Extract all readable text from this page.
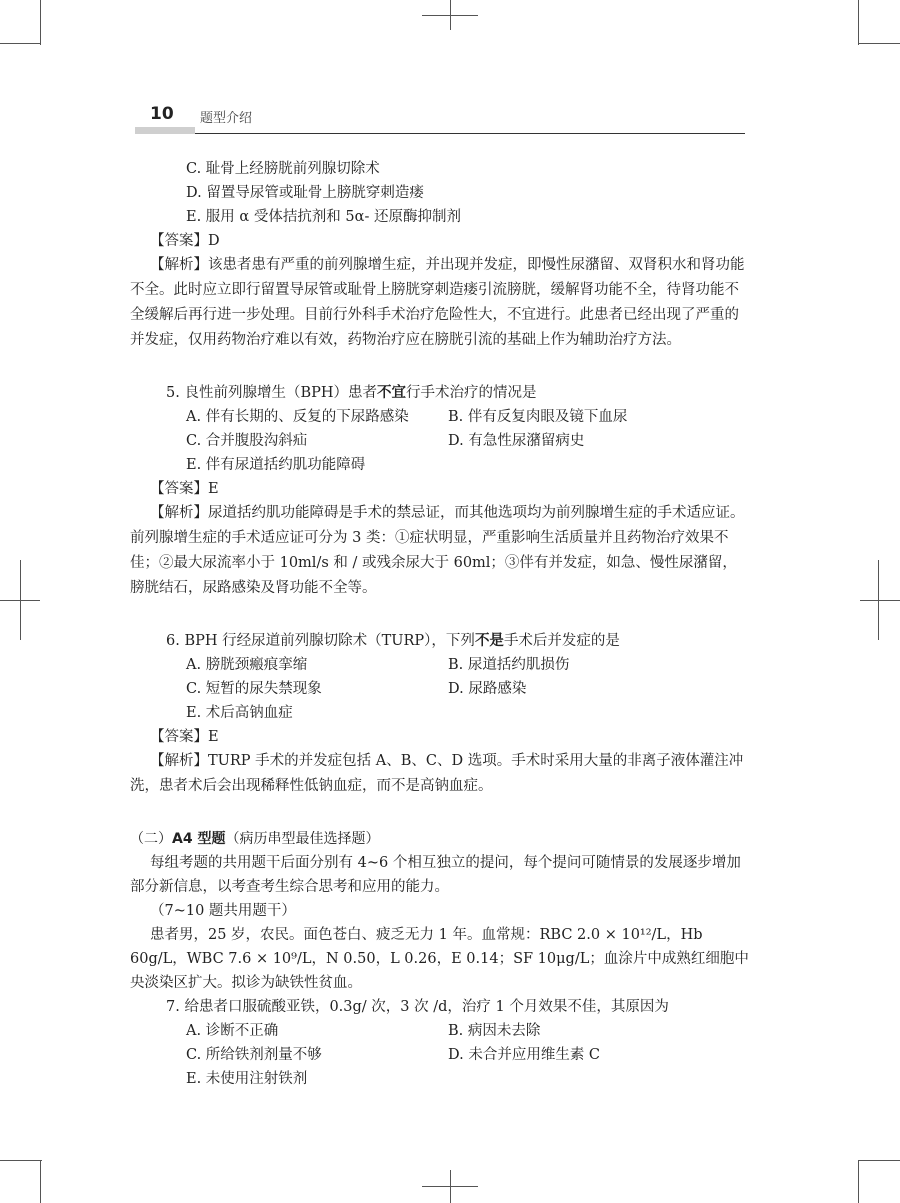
10 题型介绍
C. 耻骨上经膀胱前列腺切除术
D. 留置导尿管或耻骨上膀胱穿刺造瘘
E. 服用 α 受体拮抗剂和 5α- 还原酶抑制剂
【答案】D
【解析】该患者患有严重的前列腺增生症，并出现并发症，即慢性尿潴留、双肾积水和肾功能不全。此时应立即行留置导尿管或耻骨上膀胱穿刺造瘘引流膀胱，缓解肾功能不全，待肾功能不全缓解后再行进一步处理。目前行外科手术治疗危险性大，不宜进行。此患者已经出现了严重的并发症，仅用药物治疗难以有效，药物治疗应在膀胱引流的基础上作为辅助治疗方法。
5. 良性前列腺增生（BPH）患者不宜行手术治疗的情况是
A. 伴有长期的、反复的下尿路感染	B. 伴有反复肉眼及镜下血尿
C. 合并腹股沟斜疝	D. 有急性尿潴留病史
E. 伴有尿道括约肌功能障碍
【答案】E
【解析】尿道括约肌功能障碍是手术的禁忌证，而其他选项均为前列腺增生症的手术适应证。前列腺增生症的手术适应证可分为 3 类：①症状明显，严重影响生活质量并且药物治疗效果不佳；②最大尿流率小于 10ml/s 和 / 或残余尿大于 60ml；③伴有并发症，如急、慢性尿潴留，膀胱结石，尿路感染及肾功能不全等。
6. BPH 行经尿道前列腺切除术（TURP），下列不是手术后并发症的是
A. 膀胱颈瘢痕挛缩	B. 尿道括约肌损伤
C. 短暂的尿失禁现象	D. 尿路感染
E. 术后高钠血症
【答案】E
【解析】TURP 手术的并发症包括 A、B、C、D 选项。手术时采用大量的非离子液体灌注冲洗，患者术后会出现稀释性低钠血症，而不是高钠血症。
（二）A4 型题（病历串型最佳选择题）
每组考题的共用题干后面分别有 4~6 个相互独立的提问，每个提问可随情景的发展逐步增加部分新信息，以考查考生综合思考和应用的能力。
（7~10 题共用题干）
患者男，25 岁，农民。面色苍白、疲乏无力 1 年。血常规：RBC 2.0 × 10¹²/L，Hb 60g/L，WBC 7.6 × 10⁹/L，N 0.50，L 0.26，E 0.14；SF 10μg/L；血涂片中成熟红细胞中央淡染区扩大。拟诊为缺铁性贫血。
7. 给患者口服硫酸亚铁，0.3g/ 次，3 次 /d，治疗 1 个月效果不佳，其原因为
A. 诊断不正确	B. 病因未去除
C. 所给铁剂剂量不够	D. 未合并应用维生素 C
E. 未使用注射铁剂
